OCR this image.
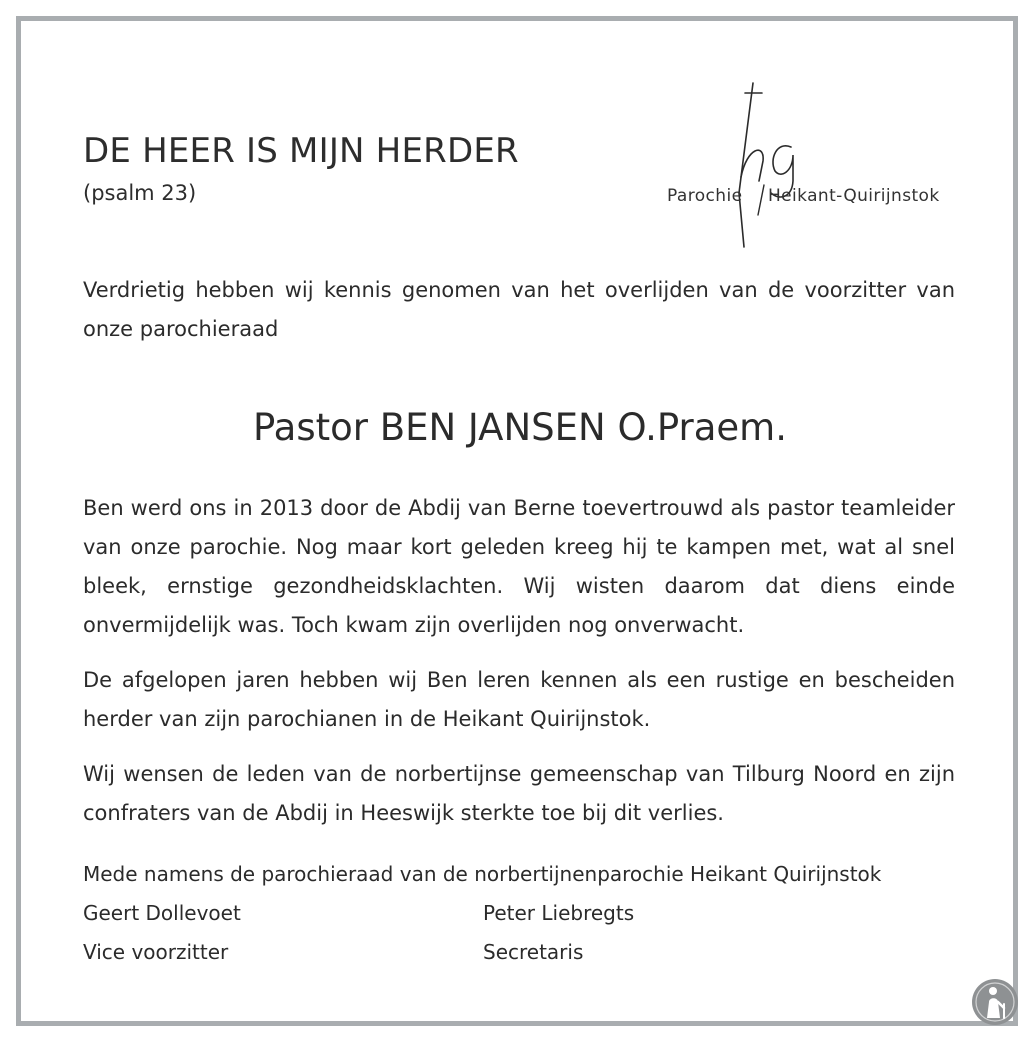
DE HEER IS MIJN HERDER
(psalm 23)
hg
Parochie Heikant-Quirijnstok
Verdrietig hebben wij kennis genomen van het overlijden van de voorzitter van onze parochieraad
Pastor BEN JANSEN O.Praem.
Ben werd ons in 2013 door de Abdij van Berne toevertrouwd als pastor teamleider van onze parochie. Nog maar kort geleden kreeg hij te kampen met, wat al snel bleek, ernstige gezondheidsklachten. Wij wisten daarom dat diens einde onvermijdelijk was. Toch kwam zijn overlijden nog onverwacht.
De afgelopen jaren hebben wij Ben leren kennen als een rustige en bescheiden herder van zijn parochianen in de Heikant Quirijnstok.
Wij wensen de leden van de norbertijnse gemeenschap van Tilburg Noord en zijn confraters van de Abdij in Heeswijk sterkte toe bij dit verlies.
Mede namens de parochieraad van de norbertijnenparochie Heikant Quirijnstok
Geert Dollevoet
Vice voorzitter
Peter Liebregts
Secretaris
